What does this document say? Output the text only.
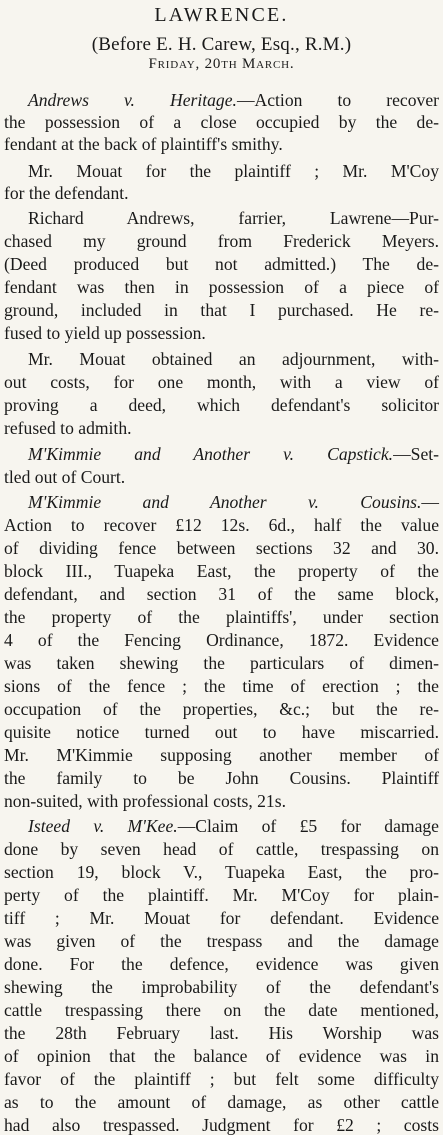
LAWRENCE.
(Before E. H. Carew, Esq., R.M.)
Friday, 20th March.
Andrews v. Heritage.—Action to recover
the possession of a close occupied by the de-
fendant at the back of plaintiff's smithy.
Mr. Mouat for the plaintiff ; Mr. M'Coy
for the defendant.
Richard Andrews, farrier, Lawrene—Pur-
chased my ground from Frederick Meyers.
(Deed produced but not admitted.) The de-
fendant was then in possession of a piece of
ground, included in that I purchased. He re-
fused to yield up possession.
Mr. Mouat obtained an adjournment, with-
out costs, for one month, with a view of
proving a deed, which defendant's solicitor
refused to admith.
M'Kimmie and Another v. Capstick.—Set-
tled out of Court.
M'Kimmie and Another v. Cousins.—
Action to recover £12 12s. 6d., half the value
of dividing fence between sections 32 and 30.
block III., Tuapeka East, the property of the
defendant, and section 31 of the same block,
the property of the plaintiffs', under section
4 of the Fencing Ordinance, 1872. Evidence
was taken shewing the particulars of dimen-
sions of the fence ; the time of erection ; the
occupation of the properties, &c.; but the re-
quisite notice turned out to have miscarried.
Mr. M'Kimmie supposing another member of
the family to be John Cousins. Plaintiff
non-suited, with professional costs, 21s.
Isteed v. M'Kee.—Claim of £5 for damage
done by seven head of cattle, trespassing on
section 19, block V., Tuapeka East, the pro-
perty of the plaintiff. Mr. M'Coy for plain-
tiff ; Mr. Mouat for defendant. Evidence
was given of the trespass and the damage
done. For the defence, evidence was given
shewing the improbability of the defendant's
cattle trespassing there on the date mentioned,
the 28th February last. His Worship was
of opinion that the balance of evidence was in
favor of the plaintiff ; but felt some difficulty
as to the amount of damage, as other cattle
had also trespassed. Judgment for £2 ; costs
